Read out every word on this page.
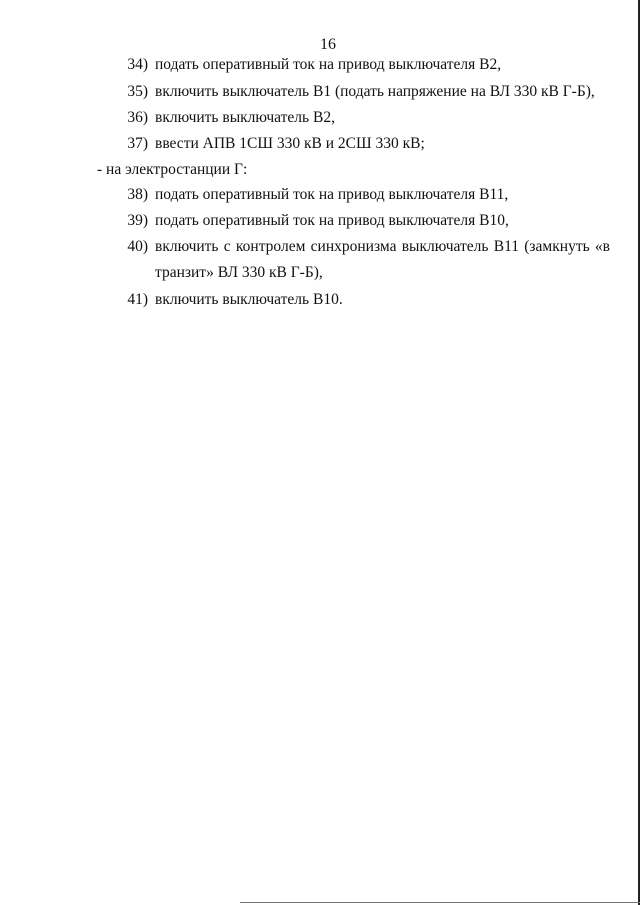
16
34) подать оперативный ток на привод выключателя В2,
35) включить выключатель В1 (подать напряжение на ВЛ 330 кВ Г-Б),
36) включить выключатель В2,
37) ввести АПВ 1СШ 330 кВ и 2СШ 330 кВ;
- на электростанции Г:
38) подать оперативный ток на привод выключателя В11,
39) подать оперативный ток на привод выключателя В10,
40) включить с контролем синхронизма выключатель В11 (замкнуть «в
транзит» ВЛ 330 кВ Г-Б),
41) включить выключатель В10.
